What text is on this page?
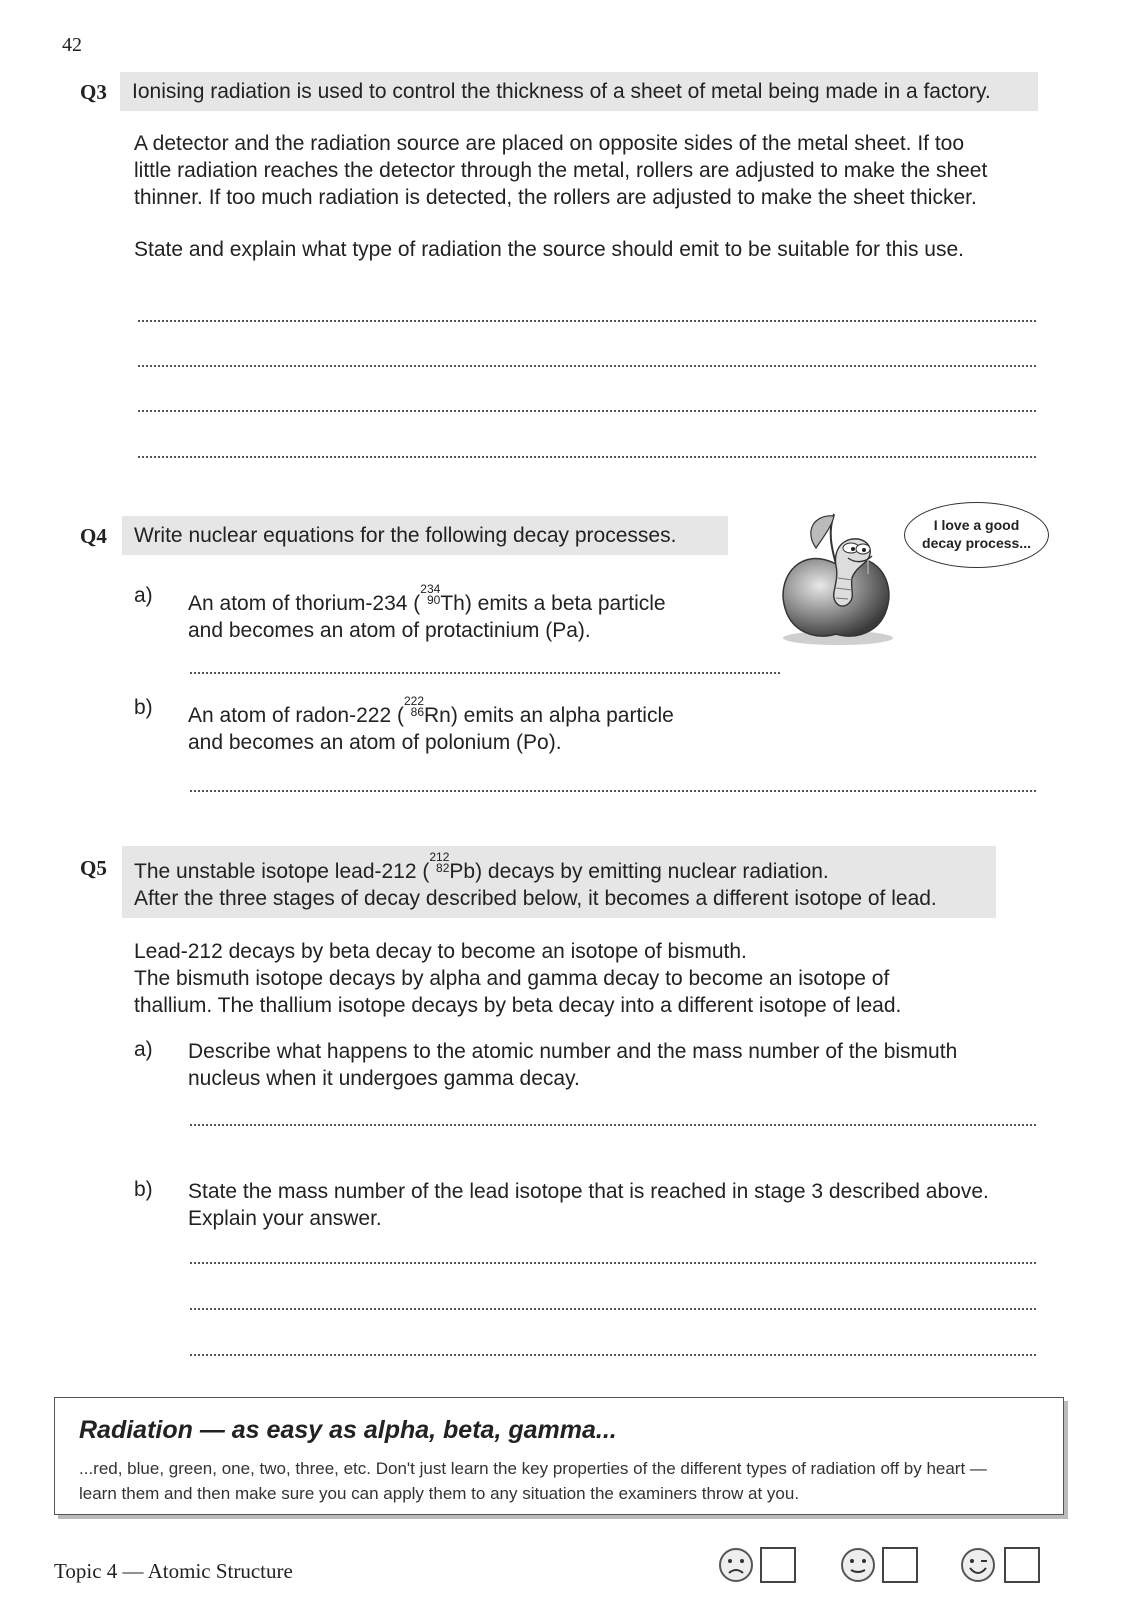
42
Q3	Ionising radiation is used to control the thickness of a sheet of metal being made in a factory.
A detector and the radiation source are placed on opposite sides of the metal sheet. If too
little radiation reaches the detector through the metal, rollers are adjusted to make the sheet
thinner. If too much radiation is detected, the rollers are adjusted to make the sheet thicker.
State and explain what type of radiation the source should emit to be suitable for this use.
Q4	Write nuclear equations for the following decay processes.	I love a good
decay process...
a) An atom of thorium-234 (
$^{234 90}$ Th) emits a beta particle
and becomes an atom of protactinium (Pa).
b) An atom of radon-222 (
$^{222 86}$ Rn) emits an alpha particle
and becomes an atom of polonium (Po).
Q5 The unstable isotope lead-212 (
$^{212 82}$ Pb) decays by emitting nuclear radiation.
After the three stages of decay described below, it becomes a different isotope of lead.
Lead-212 decays by beta decay to become an isotope of bismuth.
The bismuth isotope decays by alpha and gamma decay to become an isotope of
thallium. The thallium isotope decays by beta decay into a different isotope of lead.
a) Describe what happens to the atomic number and the mass number of the bismuth
nucleus when it undergoes gamma decay.
b) State the mass number of the lead isotope that is reached in stage 3 described above.
Explain your answer.
Radiation — as easy as alpha, beta, gamma...
...red, blue, green, one, two, three, etc. Don't just learn the key properties of the different types of radiation off by heart —
learn them and then make sure you can apply them to any situation the examiners throw at you.
Topic 4 — Atomic Structure
